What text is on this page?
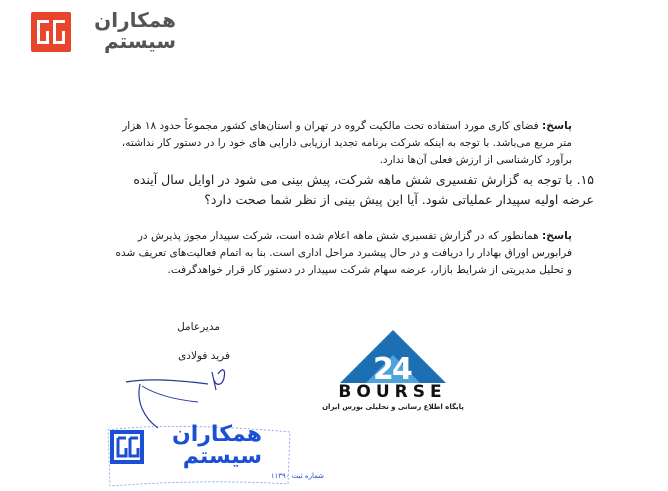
همکاران
سیستم
پاسخ: فضای کاری مورد استفاده تحت مالکیت گروه در تهران و استان‌های کشور مجموعاً حدود ۱۸ هزار متر مربع می‌باشد. با توجه به اینکه شرکت برنامه تجدید ارزیابی دارایی های خود را در دستور کار نداشته، برآورد کارشناسی از ارزش فعلی آن‌ها ندارد.
۱۵. با توجه به گزارش تفسیری شش ماهه شرکت، پیش بینی می شود در اوایل سال آینده عرضه اولیه سپیدار عملیاتی شود. آیا این پیش بینی از نظر شما صحت دارد؟
پاسخ: همانطور که در گزارش تفسیری شش ماهه اعلام شده است، شرکت سپیدار مجوز پذیرش در فرابورس اوراق بهادار را دریافت و در حال پیشبرد مراحل اداری است. بنا به اتمام فعالیت‌های تعریف شده و تحلیل مدیریتی از شرایط بازار، عرضه سهام شرکت سپیدار در دستور کار قرار خواهدگرفت.
مدیرعامل
فرید فولادی
همکاران
سیستم
شماره ثبت ۱۱۳۹۰
2
4
BOURSE
پایگاه اطلاع رسانی و تحلیلی بورس ایران
